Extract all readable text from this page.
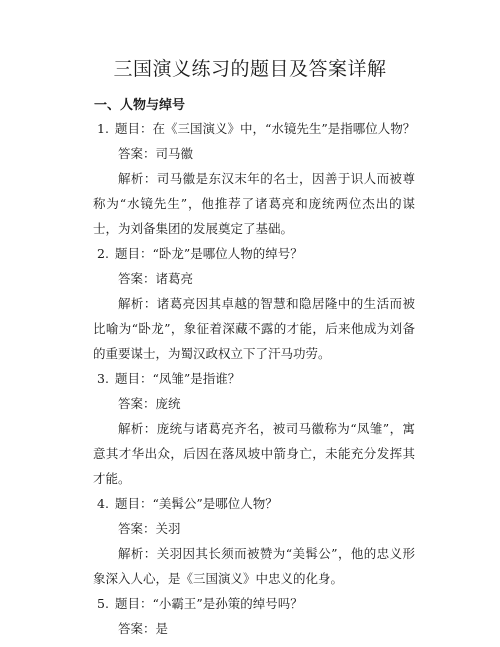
三国演义练习的题目及答案详解
一、人物与绰号
1. 题目：在《三国演义》中，“水镜先生”是指哪位人物？
答案：司马徽
解析：司马徽是东汉末年的名士，因善于识人而被尊称为“水镜先生”，他推荐了诸葛亮和庞统两位杰出的谋士，为刘备集团的发展奠定了基础。
2. 题目：“卧龙”是哪位人物的绰号？
答案：诸葛亮
解析：诸葛亮因其卓越的智慧和隐居隆中的生活而被比喻为“卧龙”，象征着深藏不露的才能，后来他成为刘备的重要谋士，为蜀汉政权立下了汗马功劳。
3. 题目：“凤雏”是指谁？
答案：庞统
解析：庞统与诸葛亮齐名，被司马徽称为“凤雏”，寓意其才华出众，后因在落凤坡中箭身亡，未能充分发挥其才能。
4. 题目：“美髯公”是哪位人物？
答案：关羽
解析：关羽因其长须而被赞为“美髯公”，他的忠义形象深入人心，是《三国演义》中忠义的化身。
5. 题目：“小霸王”是孙策的绰号吗？
答案：是
